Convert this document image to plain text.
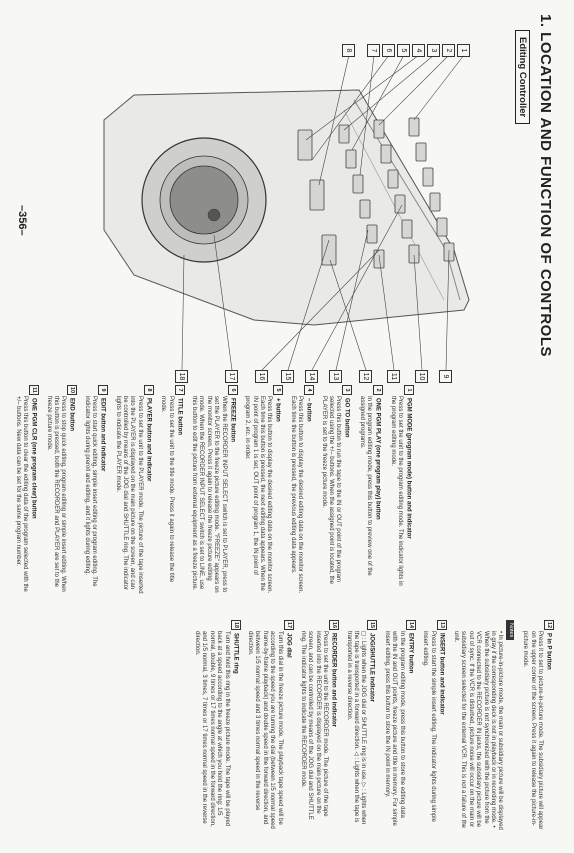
1. LOCATION AND FUNCTION OF CONTROLS
Editing Controller
1
2
3
4
5
6
7
8
9
10
11
12
13
14
15
16
17
18
1PGM MODE (program mode) button and indicator

Press to set the unit to the program editing mode. The indicator lights in the program editing mode.

2ONE PGM PLAY (one program play) button

In the program editing mode, press this button to preview one of the assigned programs.

3GO TO button

Press this button to run the tape to the IN or OUT point of the program selected using the +/– buttons. When the assigned point is located, the PLAYER is set to the freeze picture mode.

4– button

Press this button to display the desired editing data on the monitor screen. Each time the button is pressed, the previous editing data appears.

5+ button

Press this button to display the desired editing data on the monitor screen. Each time this button is pressed, the next editing data appears. When the IN point of program 1 is set, OUT point of program 1, the IN point of program 2, etc. in order.

6FREEZE button

When the RECORDER INPUT SELECT switch is set to PLAYER, press to set the PLAYER to the freeze picture editing mode. "FREEZE" appears on the monitor screen. Press it again to release the freeze picture editing mode. When the RECORDER INPUT SELECT switch is set to LINE, use this button to edit the picture from external equipment as a freeze picture.

7TITLE button

Press to set the unit to the title mode. Press it again to release the title mode.

8PLAYER button and indicator

Press to set the unit to the PLAYER mode. The picture of the tape inserted into the PLAYER is displayed on the main picture on the screen, and can be controlled by means of the JOG dial and SHUTTLE ring. The indicator lights to indicate the PLAYER mode.

9EDIT button and indicator

Press to start quick editing, simple insert editing or program editing. The indicator lights during preroll and editing, and it lights during editing.

10END button

Press to stop quick editing, program editing or simple insert editing. When this button is pressed, both the RECORDER and PLAYER are set to the freeze picture mode.

11ONE PGM CLR (one program clear) button

Press this button to clear the editing data of the program selected with the +/– buttons. New data can be set for the same program number.

12P in P button

Press it to set to picture-in-picture mode. The subsidiary picture will appear on the upper corner of the screen. Press it again to release the picture-in-picture mode.

Notes

• In picture-in-picture mode, the main or subsidiary picture will be displayed in gray if the corresponding deck is not in playback or in recording mode. • When the subsidiary picture is not synchronized with the picture from the VCR connected to the RECORDER IN jacks, the subsidiary picture will be out of sync. If the VCR is disturbed, picture noise will occur on the main or subsidiary screen selected for the external VCR. This is not a failure of the unit.

13INSERT button and indicator

Press to start the simple insert editing. The indicator lights during simple insert editing.

14ENTRY button

In the program editing mode, press this button to store the editing data with the IN and OUT points, freeze picture and title in memory. For simple insert editing, press this button to store the IN point in memory.

15JOG/SHUTTLE indicator

◻ : Lights when the JOG dial or SHUTTLE ring is in use. ▷ : Lights when the tape is transported in a forward direction. ◁ : Lights when the tape is transported in a reverse direction.

16RECORDER button and indicator

Press to set the unit to the RECORDER mode. The picture of the tape inserted into the RECORDER is displayed on the main picture on the screen, and can be controlled by means of the JOG dial and SHUTTLE ring. The indicator lights to indicate the RECORDER mode.

17JOG dial

Turn this dial in the freeze picture mode. The playback tape speed will be according to the speed you are turning the dial (between 1/5 normal speed frame-by-frame playback) and double speed in the forward direction, and between 1/5 normal speed and 3 times normal speed in the reverse direction.

18SHUTTLE ring

Turn and hold this ring in the freeze picture mode. The tape will be played back at a speed according to the angle at which you hold the ring: 1/5 normal, double, 9 times or 17 times normal speed in the forward direction, and 1/5 normal, 3 times, 7 times or 17 times normal speed in the reverse direction.

–356–
